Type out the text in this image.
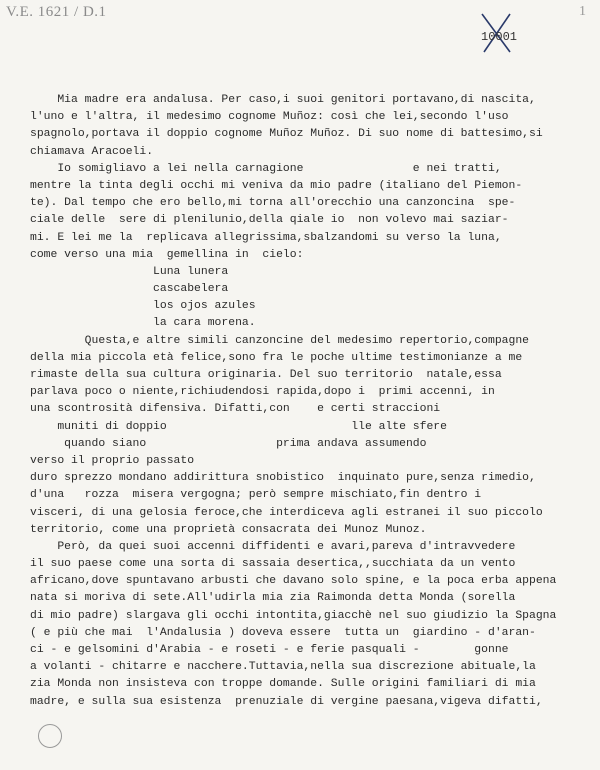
V.E. 1621 / D.1	1
10001
Mia madre era andalusa. Per caso,i suoi genitori portavano,di nascita,
l'uno e l'altra, il medesimo cognome Muñoz: così che lei,secondo l'uso
spagnolo,portava il doppio cognome Muñoz Muñoz. Di suo nome di battesimo,si
chiamava Aracoeli.
Io somigliavo a lei nella carnagione                e nei tratti,
mentre la tinta degli occhi mi veniva da mio padre (italiano del Piemon-
te). Dal tempo che ero bello,mi torna all'orecchio una canzoncina  spe-
ciale delle  sere di plenilunio,della qiale io  non volevo mai saziar-
mi. E lei me la  replicava allegrissima,sbalzandomi su verso la luna,
come verso una mia  gemellina in  cielo:
Luna lunera
cascabelera
los ojos azules
la cara morena.
Questa,e altre simili canzoncine del medesimo repertorio,compagne
della mia piccola età felice,sono fra le poche ultime testimonianze a me
rimaste della sua cultura originaria. Del suo territorio  natale,essa
parlava poco o niente,richiudendosi rapida,dopo i  primi accenni, in
una scontrosità difensiva. Difatti,con    e certi straccioni
muniti di doppio                           lle alte sfere
quando siano                   prima andava assumendo
verso il proprio passato
duro sprezzo mondano addirittura snobistico  inquinato pure,senza rimedio,
d'una   rozza  misera vergogna; però sempre mischiato,fin dentro i
visceri, di una gelosia feroce,che interdiceva agli estranei il suo piccolo
territorio, come una proprietà consacrata dei Munoz Munoz.
Però, da quei suoi accenni diffidenti e avari,pareva d'intravvedere
il suo paese come una sorta di sassaia desertica,,succhiata da un vento
africano,dove spuntavano arbusti che davano solo spine, e la poca erba appena
nata si moriva di sete.All'udirla mia zia Raimonda detta Monda (sorella
di mio padre) slargava gli occhi intontita,giacchè nel suo giudizio la Spagna
( e più che mai  l'Andalusia ) doveva essere  tutta un  giardino - d'aran-
ci - e gelsomini d'Arabia - e roseti - e ferie pasquali -        gonne
a volanti - chitarre e nacchere.Tuttavia,nella sua discrezione abituale,la
zia Monda non insisteva con troppe domande. Sulle origini familiari di mia
madre, e sulla sua esistenza  prenuziale di vergine paesana,vigeva difatti,
